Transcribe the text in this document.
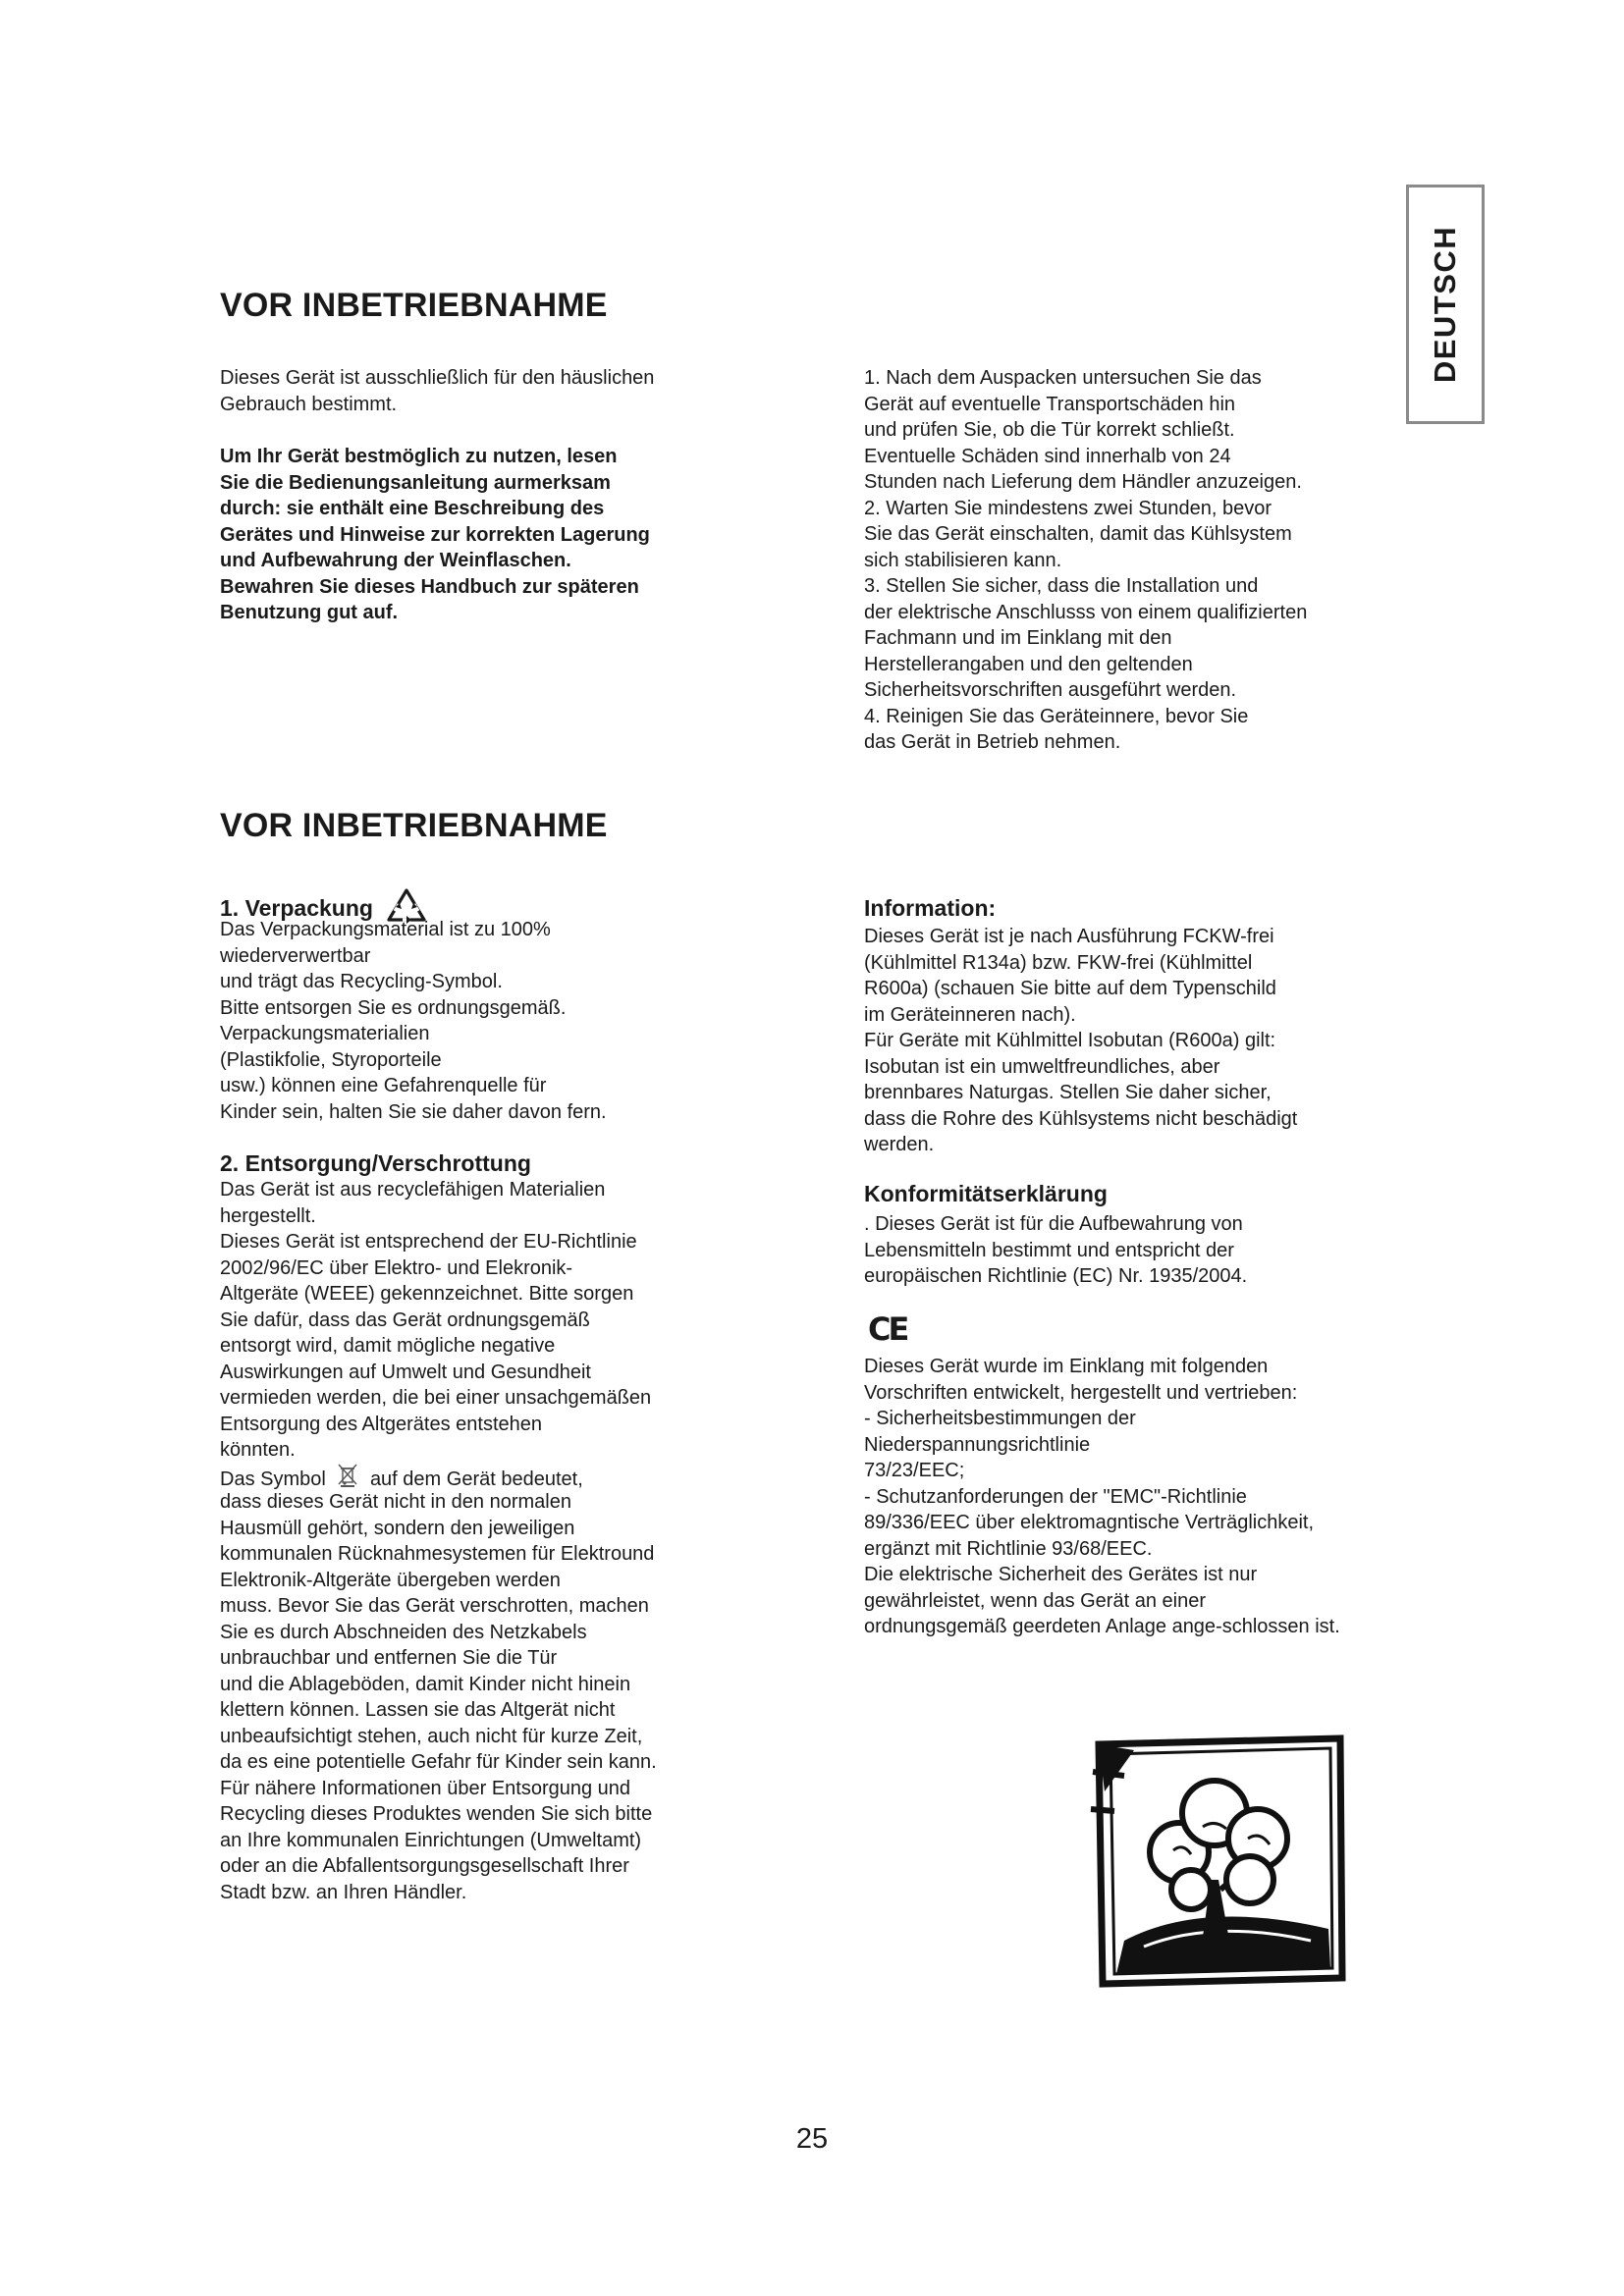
DEUTSCH
VOR INBETRIEBNAHME
Dieses Gerät ist ausschließlich für den häuslichen
Gebrauch bestimmt.
Um Ihr Gerät bestmöglich zu nutzen, lesen
Sie die Bedienungsanleitung aurmerksam
durch: sie enthält eine Beschreibung des
Gerätes und Hinweise zur korrekten Lagerung
und Aufbewahrung der Weinflaschen.
Bewahren Sie dieses Handbuch zur späteren
Benutzung gut auf.
1. Nach dem Auspacken untersuchen Sie das
Gerät auf eventuelle Transportschäden hin
und prüfen Sie, ob die Tür korrekt schließt.
Eventuelle Schäden sind innerhalb von 24
Stunden nach Lieferung dem Händler anzuzeigen.
2. Warten Sie mindestens zwei Stunden, bevor
Sie das Gerät einschalten, damit das Kühlsystem
sich stabilisieren kann.
3. Stellen Sie sicher, dass die Installation und
der elektrische Anschlusss von einem qualifizierten
Fachmann und im Einklang mit den
Herstellerangaben und den geltenden
Sicherheitsvorschriften ausgeführt werden.
4. Reinigen Sie das Geräteinnere, bevor Sie
das Gerät in Betrieb nehmen.
VOR INBETRIEBNAHME
1. Verpackung
Das Verpackungsmaterial ist zu 100%
wiederverwertbar
und trägt das Recycling-Symbol.
Bitte entsorgen Sie es ordnungsgemäß.
Verpackungsmaterialien
(Plastikfolie, Styroporteile
usw.) können eine Gefahrenquelle für
Kinder sein, halten Sie sie daher davon fern.
2. Entsorgung/Verschrottung
Das Gerät ist aus recyclefähigen Materialien
hergestellt.
Dieses Gerät ist entsprechend der EU-Richtlinie
2002/96/EC über Elektro- und Elekronik-
Altgeräte (WEEE) gekennzeichnet. Bitte sorgen
Sie dafür, dass das Gerät ordnungsgemäß
entsorgt wird, damit mögliche negative
Auswirkungen auf Umwelt und Gesundheit
vermieden werden, die bei einer unsachgemäßen
Entsorgung des Altgerätes entstehen
könnten.
Das Symbol auf dem Gerät bedeutet,
dass dieses Gerät nicht in den normalen
Hausmüll gehört, sondern den jeweiligen
kommunalen Rücknahmesystemen für Elektround
Elektronik-Altgeräte übergeben werden
muss. Bevor Sie das Gerät verschrotten, machen
Sie es durch Abschneiden des Netzkabels
unbrauchbar und entfernen Sie die Tür
und die Ablageböden, damit Kinder nicht hinein
klettern können. Lassen sie das Altgerät nicht
unbeaufsichtigt stehen, auch nicht für kurze Zeit,
da es eine potentielle Gefahr für Kinder sein kann.
Für nähere Informationen über Entsorgung und
Recycling dieses Produktes wenden Sie sich bitte
an Ihre kommunalen Einrichtungen (Umweltamt)
oder an die Abfallentsorgungsgesellschaft Ihrer
Stadt bzw. an Ihren Händler.
Information:
Dieses Gerät ist je nach Ausführung FCKW-frei
(Kühlmittel R134a) bzw. FKW-frei (Kühlmittel
R600a) (schauen Sie bitte auf dem Typenschild
im Geräteinneren nach).
Für Geräte mit Kühlmittel Isobutan (R600a) gilt:
Isobutan ist ein umweltfreundliches, aber
brennbares Naturgas. Stellen Sie daher sicher,
dass die Rohre des Kühlsystems nicht beschädigt
werden.
Konformitätserklärung
. Dieses Gerät ist für die Aufbewahrung von
Lebensmitteln bestimmt und entspricht der
europäischen Richtlinie (EC) Nr. 1935/2004.
CE
Dieses Gerät wurde im Einklang mit folgenden
Vorschriften entwickelt, hergestellt und vertrieben:
- Sicherheitsbestimmungen der
Niederspannungsrichtlinie
73/23/EEC;
- Schutzanforderungen der "EMC"-Richtlinie
89/336/EEC über elektromagntische Verträglichkeit,
ergänzt mit Richtlinie 93/68/EEC.
Die elektrische Sicherheit des Gerätes ist nur
gewährleistet, wenn das Gerät an einer
ordnungsgemäß geerdeten Anlage ange-schlossen ist.
25
